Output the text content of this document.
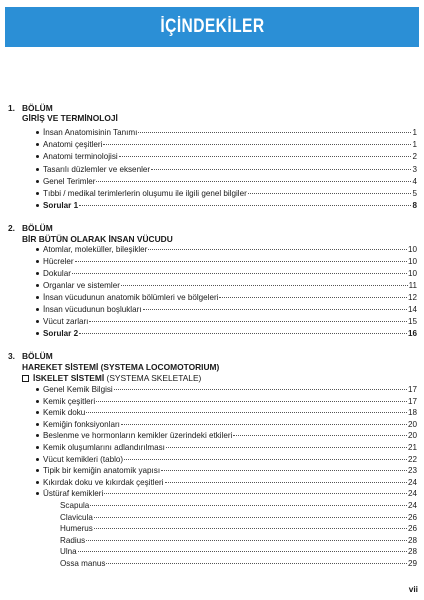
İÇİNDEKİLER
1. BÖLÜM
GİRİŞ VE TERMİNOLOJİ
İnsan Anatomisinin Tanımı	1
Anatomi çeşitleri	1
Anatomi terminolojisi	2
Tasarılı düzlemler ve eksenler	3
Genel Terimler	4
Tıbbi / medikal terimlerlerin oluşumu ile ilgili genel bilgiler	5
Sorular 1	8
2. BÖLÜM
BİR BÜTÜN OLARAK İNSAN VÜCUDU
Atomlar, moleküller, bileşikler	10
Hücreler	10
Dokular	10
Organlar ve sistemler	11
İnsan vücudunun anatomik bölümleri ve bölgeleri	12
İnsan vücudunun boşlukları	14
Vücut zarları	15
Sorular 2	16
3. BÖLÜM
HAREKET SİSTEMİ (SYSTEMA LOCOMOTORIUM)
İSKELET SİSTEMİ (SYSTEMA SKELETALE)
Genel Kemik Bilgisi	17
Kemik çeşitleri	17
Kemik doku	18
Kemiğin fonksiyonları	20
Beslenme ve hormonların kemikler üzerindeki etkileri	20
Kemik oluşumlarını adlandırılması	21
Vücut kemikleri (tablo)	22
Tipik bir kemiğin anatomik yapısı	23
Kıkırdak doku ve kıkırdak çeşitleri	24
Üstüraf kemikleri	24
Scapula	24
Clavicula	26
Humerus	26
Radius	28
Ulna	28
Ossa manus	29
vii
